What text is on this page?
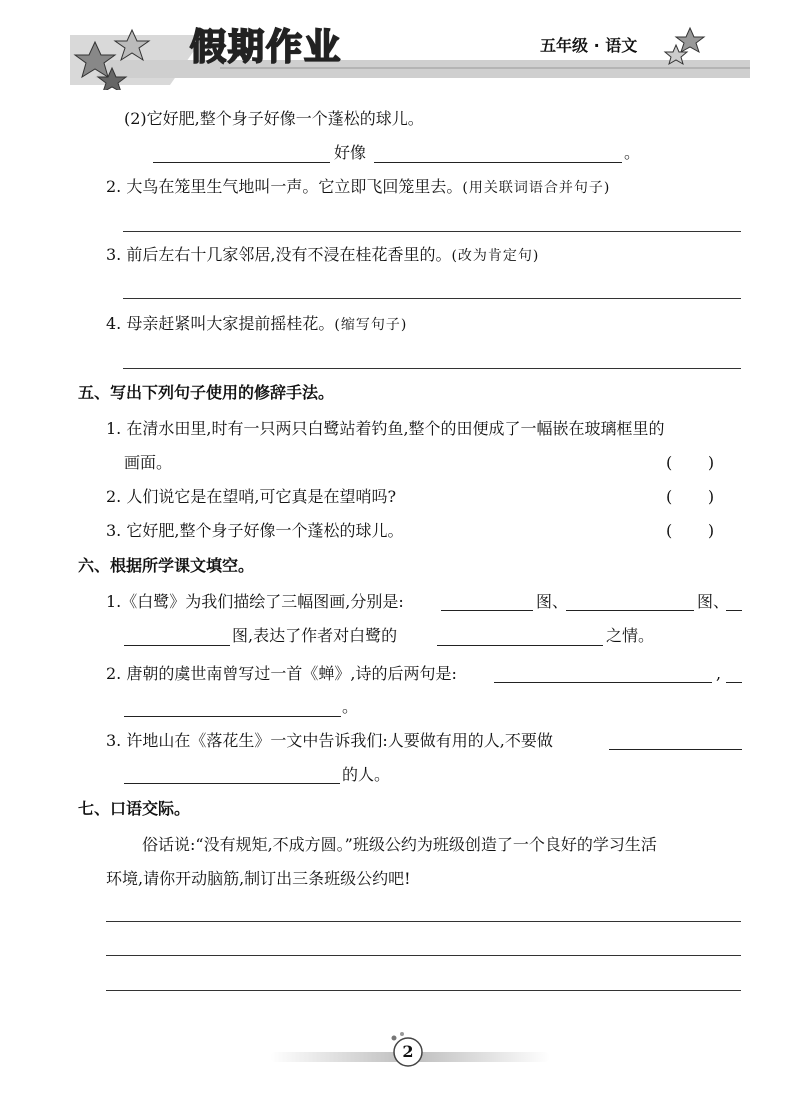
假期作业	五年级 · 语文
(2)它好肥,整个身子好像一个蓬松的球儿。
好像	。
2. 大鸟在笼里生气地叫一声。它立即飞回笼里去。(用关联词语合并句子)
3. 前后左右十几家邻居,没有不浸在桂花香里的。(改为肯定句)
4. 母亲赶紧叫大家提前摇桂花。(缩写句子)
五、写出下列句子使用的修辞手法。
1. 在清水田里,时有一只两只白鹭站着钓鱼,整个的田便成了一幅嵌在玻璃框里的
画面。	(       )
2. 人们说它是在望哨,可它真是在望哨吗?	(       )
3. 它好肥,整个身子好像一个蓬松的球儿。	(       )
六、根据所学课文填空。
1.《白鹭》为我们描绘了三幅图画,分别是:	图、	图、
图,表达了作者对白鹭的	之情。
2. 唐朝的虞世南曾写过一首《蝉》,诗的后两句是:	,
。
3. 许地山在《落花生》一文中告诉我们:人要做有用的人,不要做
的人。
七、口语交际。
俗话说:“没有规矩,不成方圆。”班级公约为班级创造了一个良好的学习生活
环境,请你开动脑筋,制订出三条班级公约吧!
2
